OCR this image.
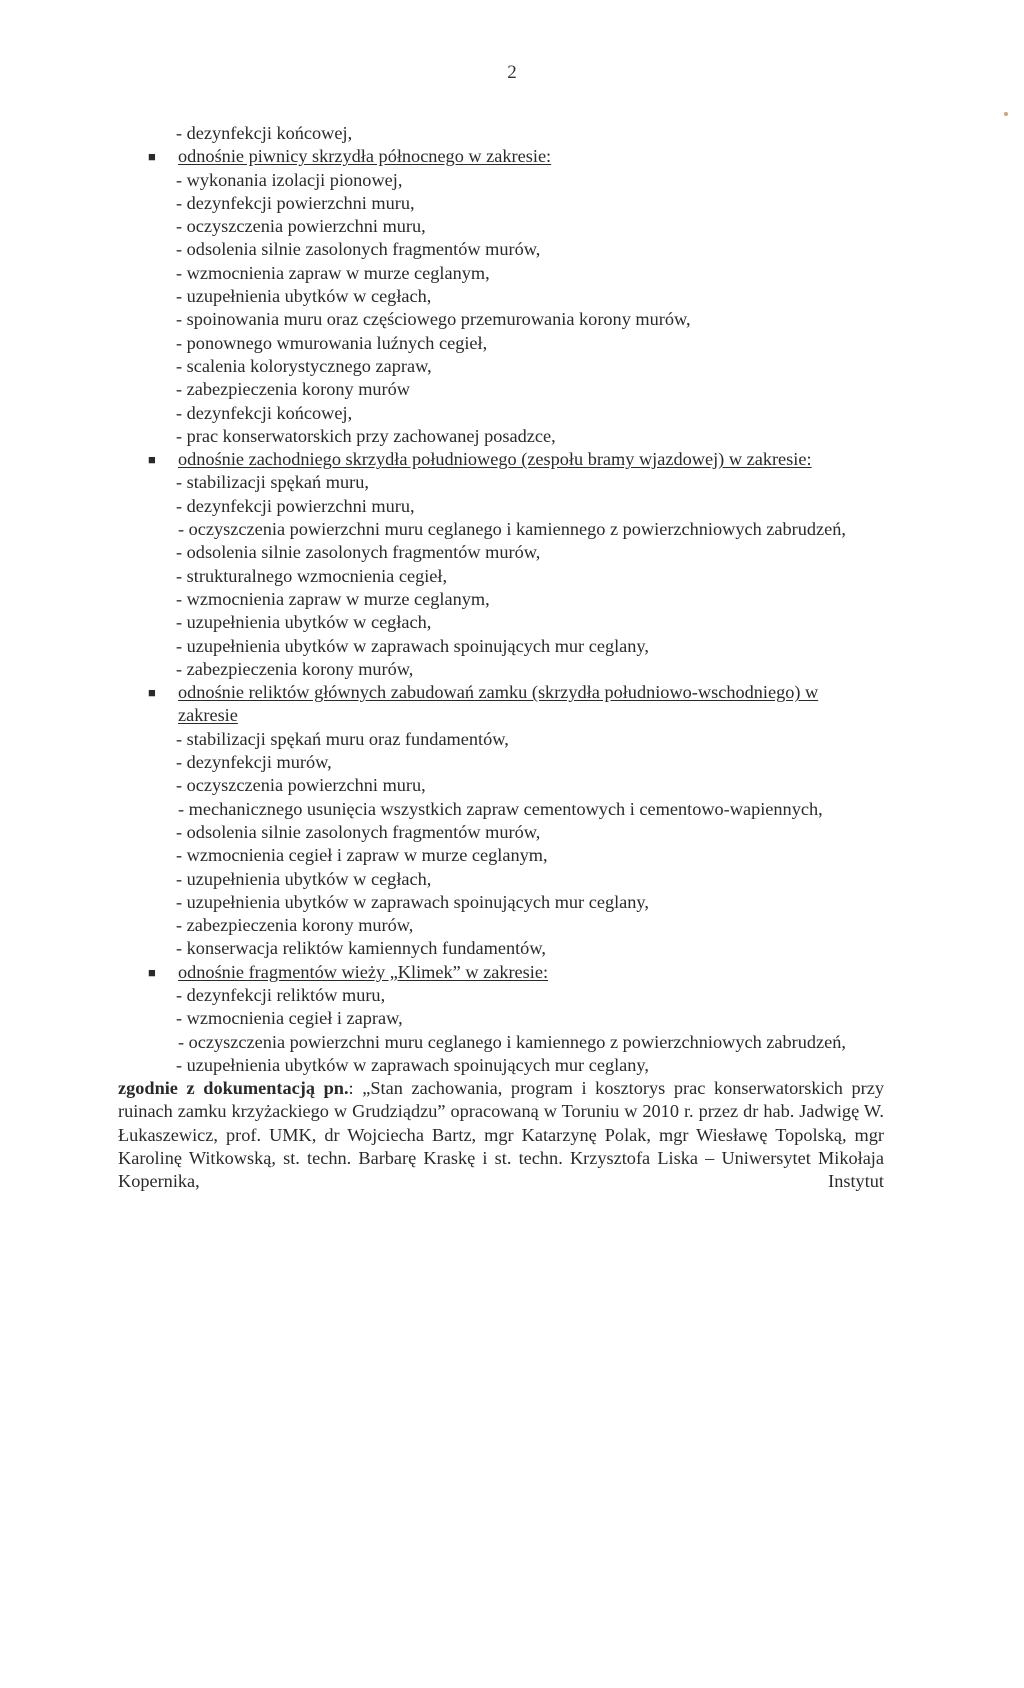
2
- dezynfekcji końcowej,
■ odnośnie piwnicy skrzydła północnego w zakresie:
- wykonania izolacji pionowej,
- dezynfekcji powierzchni muru,
- oczyszczenia powierzchni muru,
- odsolenia silnie zasolonych fragmentów murów,
- wzmocnienia zapraw w murze ceglanym,
- uzupełnienia ubytków w cegłach,
- spoinowania muru oraz częściowego przemurowania korony murów,
- ponownego wmurowania luźnych cegieł,
- scalenia kolorystycznego zapraw,
- zabezpieczenia korony murów
- dezynfekcji końcowej,
- prac konserwatorskich przy zachowanej posadzce,
■ odnośnie zachodniego skrzydła południowego (zespołu bramy wjazdowej) w zakresie:
- stabilizacji spękań muru,
- dezynfekcji powierzchni muru,
- oczyszczenia powierzchni muru ceglanego i kamiennego z powierzchniowych zabrudzeń,
- odsolenia silnie zasolonych fragmentów murów,
- strukturalnego wzmocnienia cegieł,
- wzmocnienia zapraw w murze ceglanym,
- uzupełnienia ubytków w cegłach,
- uzupełnienia ubytków w zaprawach spoinujących mur ceglany,
- zabezpieczenia korony murów,
■ odnośnie reliktów głównych zabudowań zamku (skrzydła południowo-wschodniego) w zakresie
- stabilizacji spękań muru oraz fundamentów,
- dezynfekcji murów,
- oczyszczenia powierzchni muru,
- mechanicznego usunięcia wszystkich zapraw cementowych i cementowo-wapiennych,
- odsolenia silnie zasolonych fragmentów murów,
- wzmocnienia cegieł i zapraw w murze ceglanym,
- uzupełnienia ubytków w cegłach,
- uzupełnienia ubytków w zaprawach spoinujących mur ceglany,
- zabezpieczenia korony murów,
- konserwacja reliktów kamiennych fundamentów,
■ odnośnie fragmentów wieży „Klimek” w zakresie:
- dezynfekcji reliktów muru,
- wzmocnienia cegieł i zapraw,
- oczyszczenia powierzchni muru ceglanego i kamiennego z powierzchniowych zabrudzeń,
- uzupełnienia ubytków w zaprawach spoinujących mur ceglany,
zgodnie z dokumentacją pn.: „Stan zachowania, program i kosztorys prac konserwatorskich przy ruinach zamku krzyżackiego w Grudziądzu” opracowaną w Toruniu w 2010 r. przez dr hab. Jadwigę W. Łukaszewicz, prof. UMK, dr Wojciecha Bartz, mgr Katarzynę Polak, mgr Wiesławę Topolską, mgr Karolinę Witkowską, st. techn. Barbarę Kraskę i st. techn. Krzysztofa Liska – Uniwersytet Mikołaja Kopernika, Instytut
